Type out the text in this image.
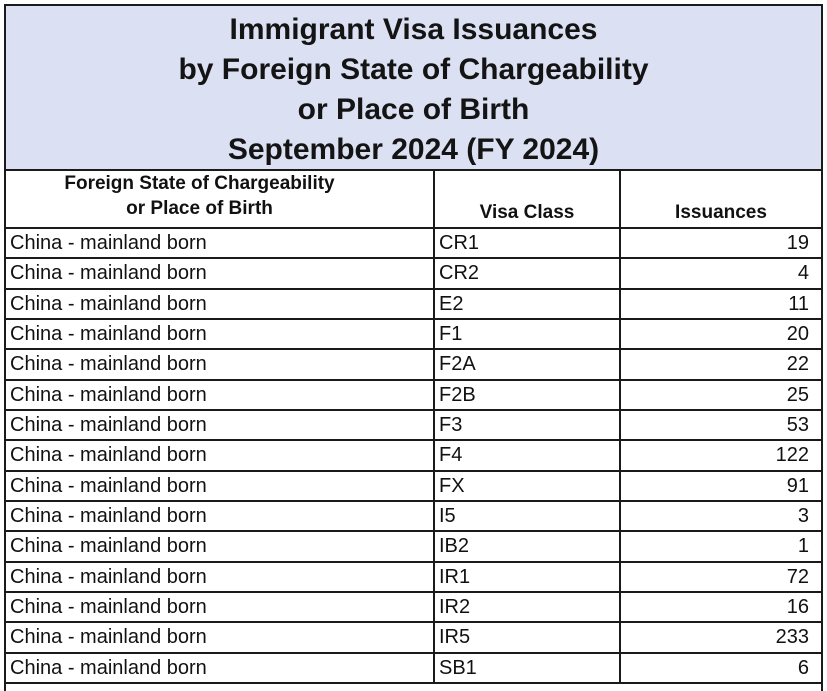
Immigrant Visa Issuances
by Foreign State of Chargeability
or Place of Birth
September 2024 (FY 2024)
Foreign State of Chargeability
or Place of Birth	Visa Class	Issuances
China - mainland born	CR1	19
China - mainland born	CR2	4
China - mainland born	E2	11
China - mainland born	F1	20
China - mainland born	F2A	22
China - mainland born	F2B	25
China - mainland born	F3	53
China - mainland born	F4	122
China - mainland born	FX	91
China - mainland born	I5	3
China - mainland born	IB2	1
China - mainland born	IR1	72
China - mainland born	IR2	16
China - mainland born	IR5	233
China - mainland born	SB1	6
